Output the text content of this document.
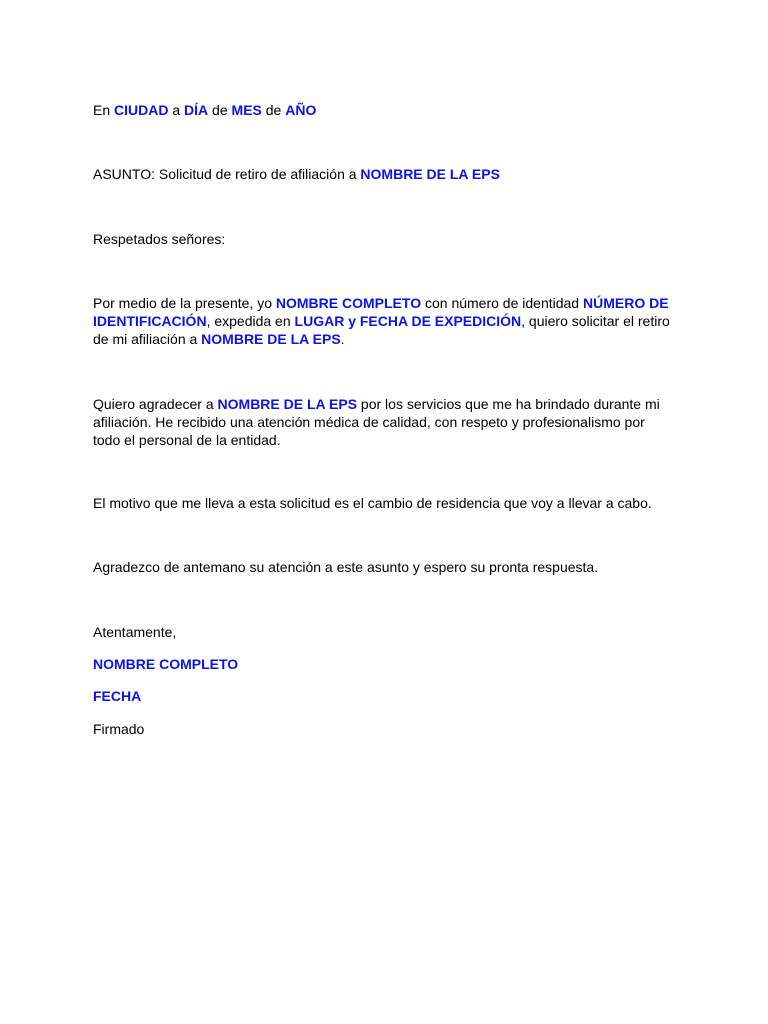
En CIUDAD a DÍA de MES de AÑO

ASUNTO: Solicitud de retiro de afiliación a NOMBRE DE LA EPS

Respetados señores:

Por medio de la presente, yo NOMBRE COMPLETO con número de identidad NÚMERO DE IDENTIFICACIÓN, expedida en LUGAR y FECHA DE EXPEDICIÓN, quiero solicitar el retiro de mi afiliación a NOMBRE DE LA EPS.

Quiero agradecer a NOMBRE DE LA EPS por los servicios que me ha brindado durante mi afiliación. He recibido una atención médica de calidad, con respeto y profesionalismo por todo el personal de la entidad.

El motivo que me lleva a esta solicitud es el cambio de residencia que voy a llevar a cabo.

Agradezco de antemano su atención a este asunto y espero su pronta respuesta.

Atentamente,

NOMBRE COMPLETO

FECHA

Firmado
